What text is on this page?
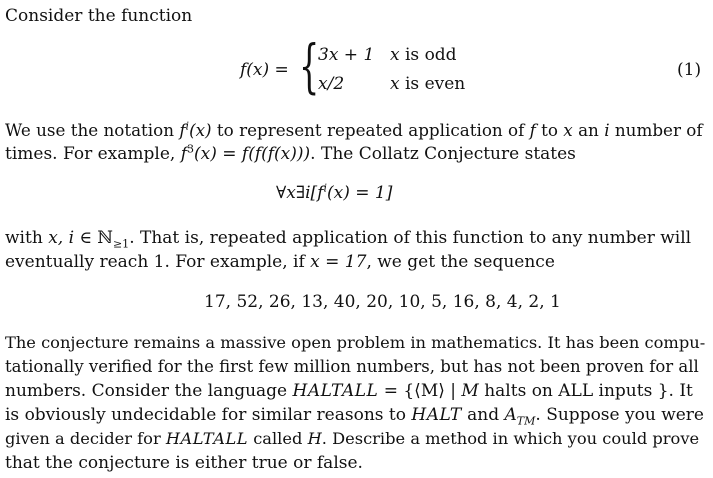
Consider the function
f(x) = {
3x + 1 x is odd
x/2	x is even
(1)
We use the notation $f^i(x)$ to represent repeated application of f to x an i number of
times. For example, $f^3(x) = f(f(f(x)))$. The Collatz Conjecture states
$\forall x\exists i[f^i(x) = 1]$
with x, i ∈ ℕ$_{\ge 1}$. That is, repeated application of this function to any number will
eventually reach 1. For example, if x = 17, we get the sequence
17, 52, 26, 13, 40, 20, 10, 5, 16, 8, 4, 2, 1
The conjecture remains a massive open problem in mathematics. It has been compu-
tationally verified for the first few million numbers, but has not been proven for all
numbers. Consider the language HALTALL = {⟨M⟩ | M halts on ALL inputs }. It
is obviously undecidable for similar reasons to HALT and $A_{TM}$. Suppose you were
given a decider for HALTALL called H. Describe a method in which you could prove
that the conjecture is either true or false.
